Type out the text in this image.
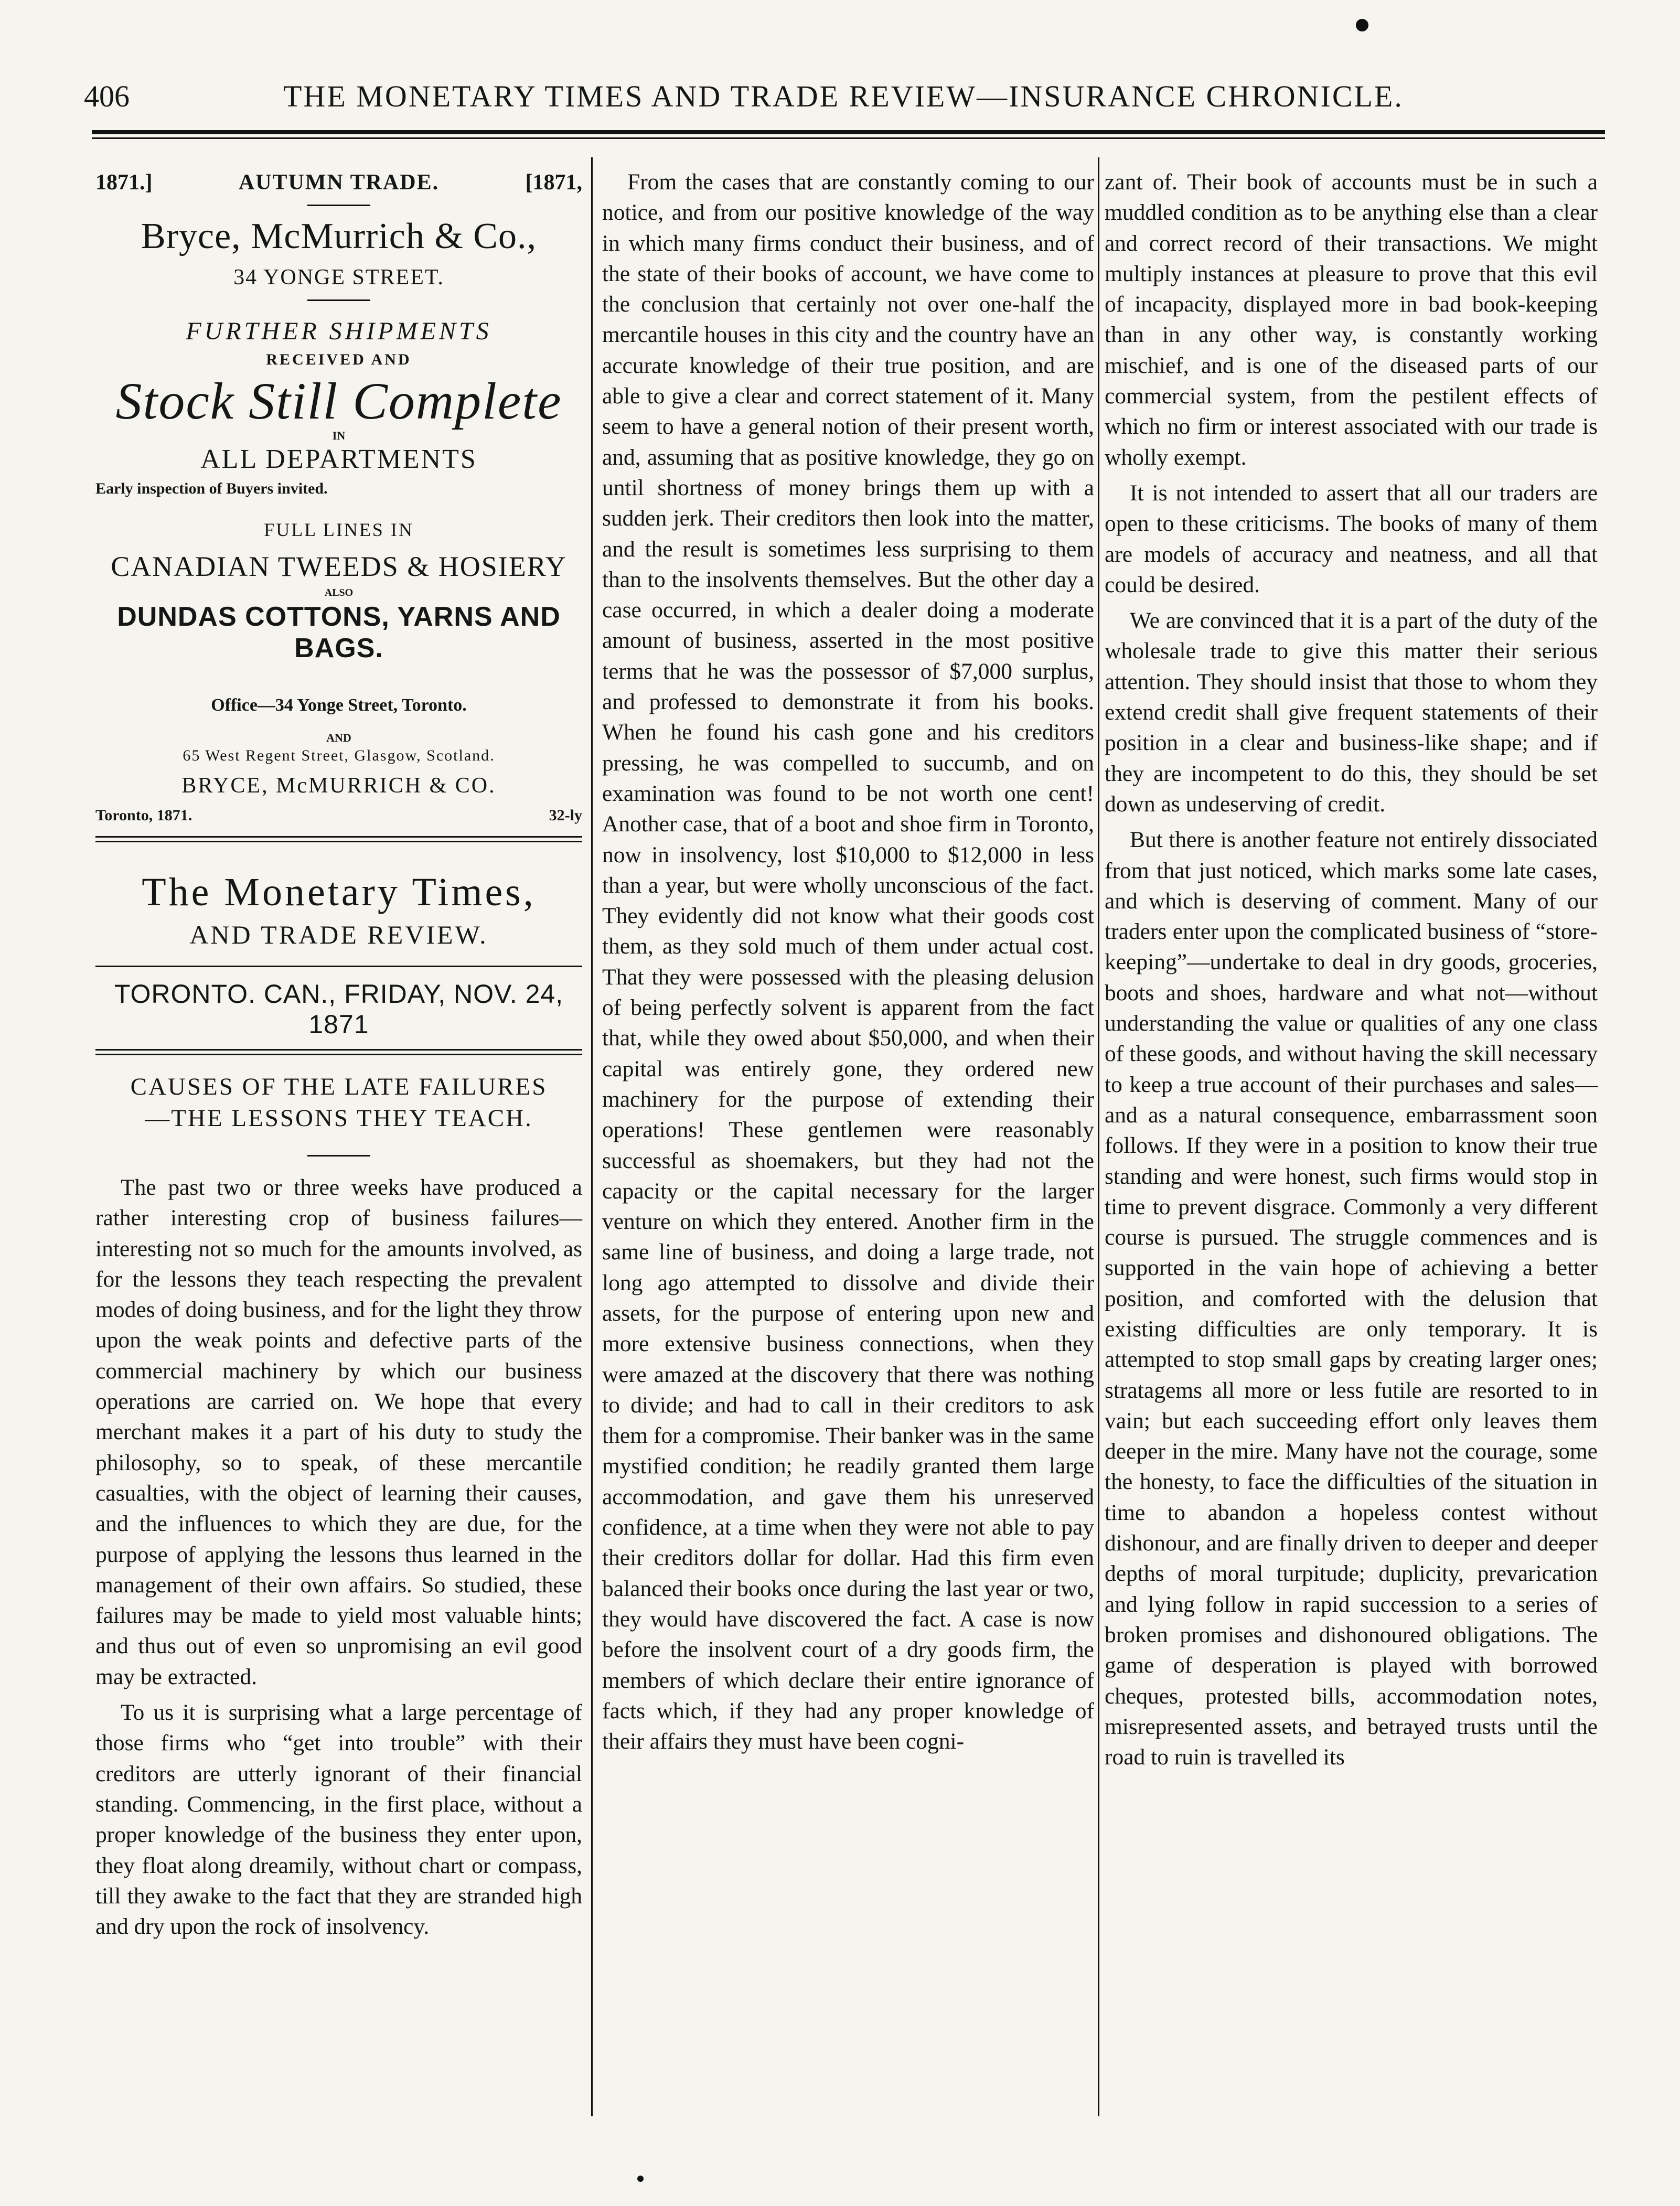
406	THE MONETARY TIMES AND TRADE REVIEW—INSURANCE CHRONICLE.
1871.]	AUTUMN TRADE.	[1871,
Bryce, McMurrich & Co.,
34 YONGE STREET.
FURTHER SHIPMENTS
RECEIVED AND
Stock Still Complete
IN
ALL DEPARTMENTS
Early inspection of Buyers invited.
FULL LINES IN
CANADIAN TWEEDS & HOSIERY
ALSO
DUNDAS COTTONS, YARNS AND BAGS.
Office—34 Yonge Street, Toronto.
AND
65 West Regent Street, Glasgow, Scotland.
BRYCE, McMURRICH & CO.
Toronto, 1871.	32-ly
The Monetary Times,
AND TRADE REVIEW.
TORONTO. CAN., FRIDAY, NOV. 24, 1871
CAUSES OF THE LATE FAILURES
—THE LESSONS THEY TEACH.

The past two or three weeks have produced a rather interesting crop of business failures—interesting not so much for the amounts involved, as for the lessons they teach respecting the prevalent modes of doing business, and for the light they throw upon the weak points and defective parts of the commercial machinery by which our business operations are carried on. We hope that every merchant makes it a part of his duty to study the philosophy, so to speak, of these mercantile casualties, with the object of learning their causes, and the influences to which they are due, for the purpose of applying the lessons thus learned in the management of their own affairs. So studied, these failures may be made to yield most valuable hints; and thus out of even so unpromising an evil good may be extracted.

To us it is surprising what a large percentage of those firms who “get into trouble” with their creditors are utterly ignorant of their financial standing. Commencing, in the first place, without a proper knowledge of the business they enter upon, they float along dreamily, without chart or compass, till they awake to the fact that they are stranded high and dry upon the rock of insolvency.

From the cases that are constantly coming to our notice, and from our positive knowledge of the way in which many firms conduct their business, and of the state of their books of account, we have come to the conclusion that certainly not over one-half the mercantile houses in this city and the country have an accurate knowledge of their true position, and are able to give a clear and correct statement of it. Many seem to have a general notion of their present worth, and, assuming that as positive knowledge, they go on until shortness of money brings them up with a sudden jerk. Their creditors then look into the matter, and the result is sometimes less surprising to them than to the insolvents themselves. But the other day a case occurred, in which a dealer doing a moderate amount of business, asserted in the most positive terms that he was the possessor of $7,000 surplus, and professed to demonstrate it from his books. When he found his cash gone and his creditors pressing, he was compelled to succumb, and on examination was found to be not worth one cent! Another case, that of a boot and shoe firm in Toronto, now in insolvency, lost $10,000 to $12,000 in less than a year, but were wholly unconscious of the fact. They evidently did not know what their goods cost them, as they sold much of them under actual cost. That they were possessed with the pleasing delusion of being perfectly solvent is apparent from the fact that, while they owed about $50,000, and when their capital was entirely gone, they ordered new machinery for the purpose of extending their operations! These gentlemen were reasonably successful as shoemakers, but they had not the capacity or the capital necessary for the larger venture on which they entered. Another firm in the same line of business, and doing a large trade, not long ago attempted to dissolve and divide their assets, for the purpose of entering upon new and more extensive business connections, when they were amazed at the discovery that there was nothing to divide; and had to call in their creditors to ask them for a compromise. Their banker was in the same mystified condition; he readily granted them large accommodation, and gave them his unreserved confidence, at a time when they were not able to pay their creditors dollar for dollar. Had this firm even balanced their books once during the last year or two, they would have discovered the fact. A case is now before the insolvent court of a dry goods firm, the members of which declare their entire ignorance of facts which, if they had any proper knowledge of their affairs they must have been cogni-

zant of. Their book of accounts must be in such a muddled condition as to be anything else than a clear and correct record of their transactions. We might multiply instances at pleasure to prove that this evil of incapacity, displayed more in bad book-keeping than in any other way, is constantly working mischief, and is one of the diseased parts of our commercial system, from the pestilent effects of which no firm or interest associated with our trade is wholly exempt.

It is not intended to assert that all our traders are open to these criticisms. The books of many of them are models of accuracy and neatness, and all that could be desired.

We are convinced that it is a part of the duty of the wholesale trade to give this matter their serious attention. They should insist that those to whom they extend credit shall give frequent statements of their position in a clear and business-like shape; and if they are incompetent to do this, they should be set down as undeserving of credit.

But there is another feature not entirely dissociated from that just noticed, which marks some late cases, and which is deserving of comment. Many of our traders enter upon the complicated business of “store-keeping”—undertake to deal in dry goods, groceries, boots and shoes, hardware and what not—without understanding the value or qualities of any one class of these goods, and without having the skill necessary to keep a true account of their purchases and sales—and as a natural consequence, embarrassment soon follows. If they were in a position to know their true standing and were honest, such firms would stop in time to prevent disgrace. Commonly a very different course is pursued. The struggle commences and is supported in the vain hope of achieving a better position, and comforted with the delusion that existing difficulties are only temporary. It is attempted to stop small gaps by creating larger ones; stratagems all more or less futile are resorted to in vain; but each succeeding effort only leaves them deeper in the mire. Many have not the courage, some the honesty, to face the difficulties of the situation in time to abandon a hopeless contest without dishonour, and are finally driven to deeper and deeper depths of moral turpitude; duplicity, prevarication and lying follow in rapid succession to a series of broken promises and dishonoured obligations. The game of desperation is played with borrowed cheques, protested bills, accommodation notes, misrepresented assets, and betrayed trusts until the road to ruin is travelled its
